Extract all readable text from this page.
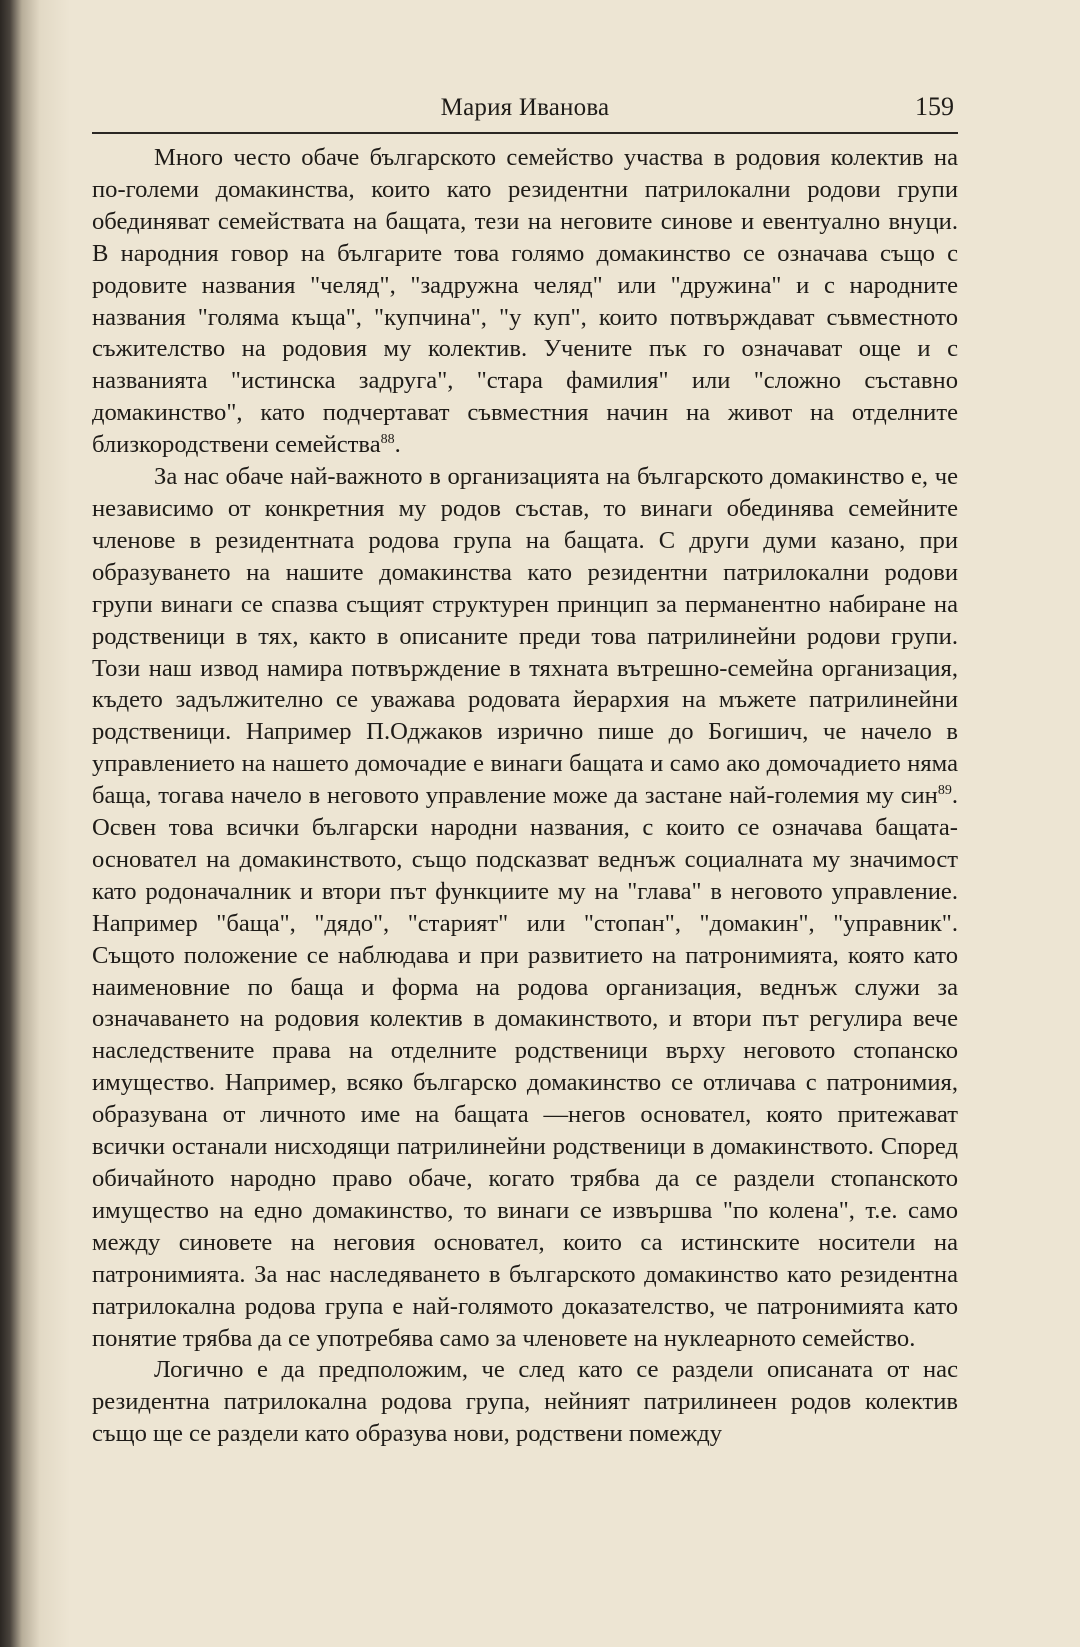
Мария Иванова	159

Много често обаче българското семейство участва в родовия колектив на по-големи домакинства, които като резидентни патрилокални родови групи обединяват семействата на бащата, тези на неговите синове и евентуално внуци. В народния говор на българите това голямо домакинство се означава също с родовите названия "челяд", "задружна челяд" или "дружина" и с народните названия "голяма къща", "купчина", "у куп", които потвърждават съвместното съжителство на родовия му колектив. Учените пък го означават още и с названията "истинска задруга", "стара фамилия" или "сложно съставно домакинство", като подчертават съвместния начин на живот на отделните близкородствени семейства$^{88}$.

За нас обаче най-важното в организацията на българското домакинство е, че независимо от конкретния му родов състав, то винаги обединява семейните членове в резидентната родова група на бащата. С други думи казано, при образуването на нашите домакинства като резидентни патрилокални родови групи винаги се спазва същият структурен принцип за перманентно набиране на родственици в тях, както в описаните преди това патрилинейни родови групи. Този наш извод намира потвърждение в тяхната вътрешно-семейна организация, където задължително се уважава родовата йерархия на мъжете патрилинейни родственици. Например П.Оджаков изрично пише до Богишич, че начело в управлението на нашето домочадие е винаги бащата и само ако домочадието няма баща, тогава начело в неговото управление може да застане най-големия му син$^{89}$. Освен това всички български народни названия, с които се означава бащата-основател на домакинството, също подсказват веднъж социалната му значимост като родоначалник и втори път функциите му на "глава" в неговото управление. Например "баща", "дядо", "старият" или "стопан", "домакин", "управник". Същото положение се наблюдава и при развитието на патронимията, която като наименовние по баща и форма на родова организация, веднъж служи за означаването на родовия колектив в домакинството, и втори път регулира вече наследствените права на отделните родственици върху неговото стопанско имущество. Например, всяко българско домакинство се отличава с патронимия, образувана от личното име на бащата —негов основател, която притежават всички останали нисходящи патрилинейни родственици в домакинството. Според обичайното народно право обаче, когато трябва да се раздели стопанското имущество на едно домакинство, то винаги се извършва "по колена", т.е. само между синовете на неговия основател, които са истинските носители на патронимията. За нас наследяването в българското домакинство като резидентна патрилокална родова група е най-голямото доказателство, че патронимията като понятие трябва да се употребява само за членовете на нуклеарното семейство.

Логично е да предположим, че след като се раздели описаната от нас резидентна патрилокална родова група, нейният патрилинеен родов колектив също ще се раздели като образува нови, родствени помежду
